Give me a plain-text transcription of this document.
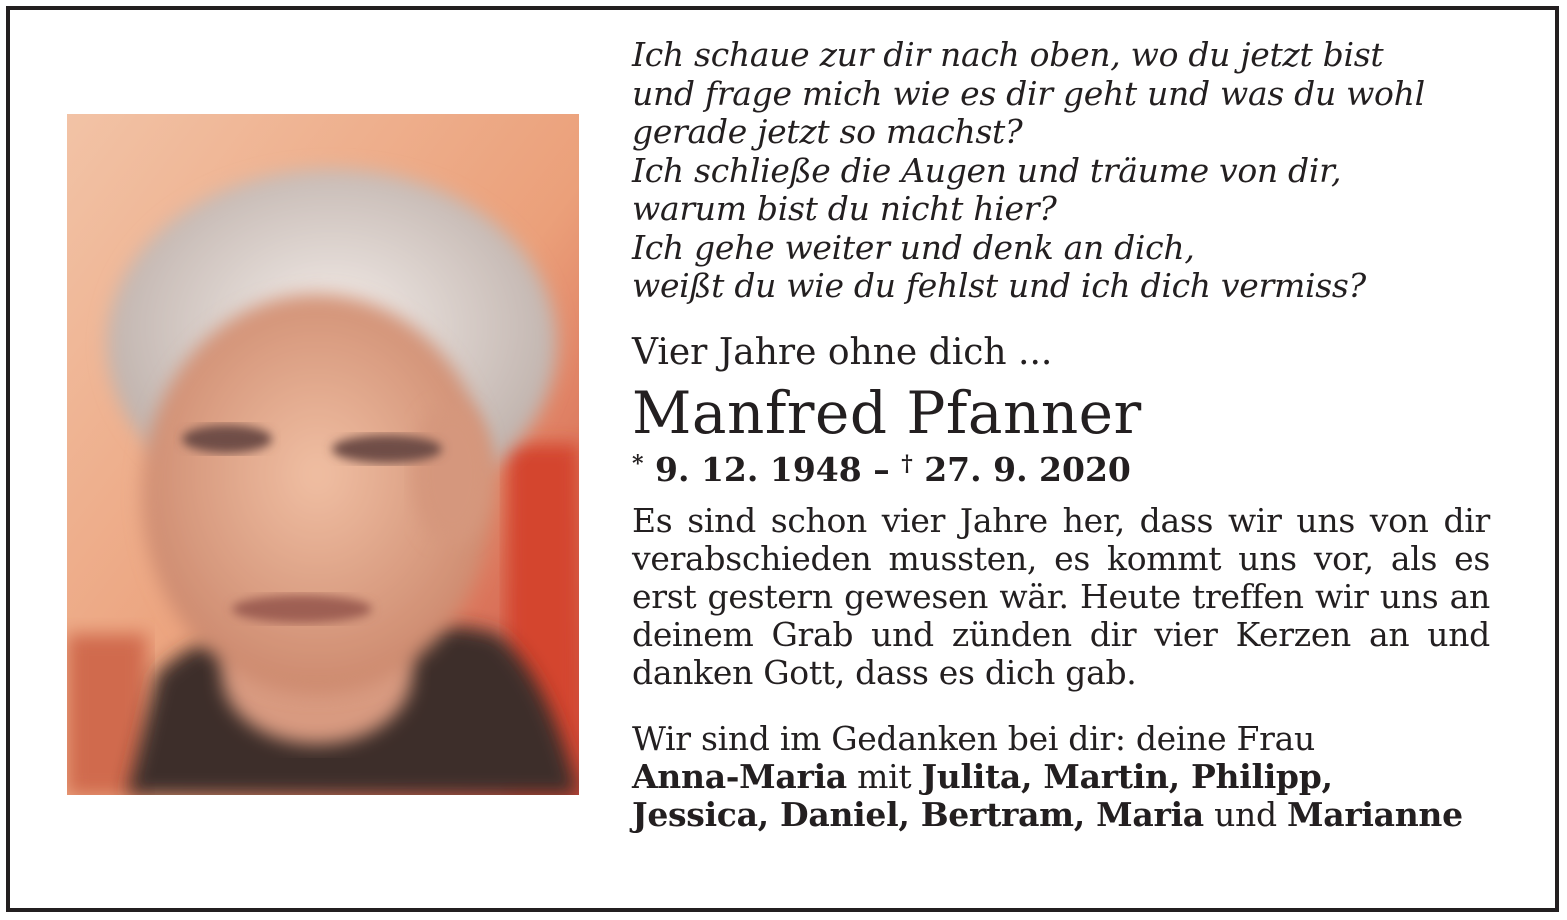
Ich schaue zur dir nach oben, wo du jetzt bist
und frage mich wie es dir geht und was du wohl
gerade jetzt so machst?
Ich schließe die Augen und träume von dir,
warum bist du nicht hier?
Ich gehe weiter und denk an dich,
weißt du wie du fehlst und ich dich vermiss?
Vier Jahre ohne dich ...
Manfred Pfanner
* 9. 12. 1948 – † 27. 9. 2020
Es sind schon vier Jahre her, dass wir uns von dir
verabschieden mussten, es kommt uns vor, als es
erst gestern gewesen wär. Heute treffen wir uns an
deinem Grab und zünden dir vier Kerzen an und
danken Gott, dass es dich gab.
Wir sind im Gedanken bei dir: deine Frau
Anna-Maria mit Julita, Martin, Philipp,
Jessica, Daniel, Bertram, Maria und Marianne
